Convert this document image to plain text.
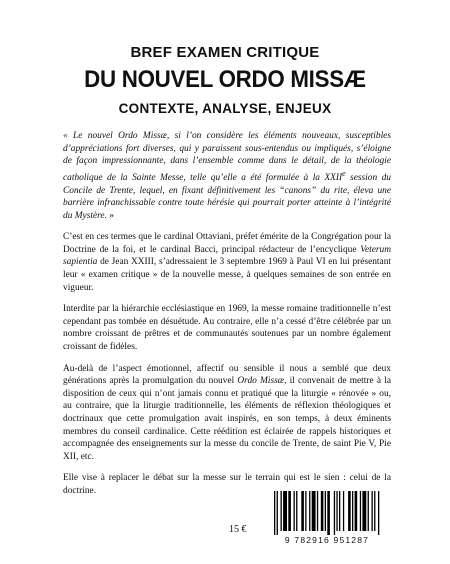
BREF EXAMEN CRITIQUE

DU NOUVEL ORDO MISSÆ

CONTEXTE, ANALYSE, ENJEUX

« Le nouvel Ordo Missæ, si l’on considère les éléments nouveaux, susceptibles d’appréciations fort diverses, qui y paraissent sous-entendus ou impliqués, s’éloigne de façon impressionnante, dans l’ensemble comme dans le détail, de la théologie catholique de la Sainte Messe, telle qu’elle a été formulée à la XXIIe session du Concile de Trente, lequel, en fixant définitivement les “canons” du rite, éleva une barrière infranchissable contre toute hérésie qui pourrait porter atteinte à l’intégrité du Mystère. »

C’est en ces termes que le cardinal Ottaviani, préfet émérite de la Congrégation pour la Doctrine de la foi, et le cardinal Bacci, principal rédacteur de l’encyclique Veterum sapientia de Jean XXIII, s’adressaient le 3 septembre 1969 à Paul VI en lui présentant leur « examen critique » de la nouvelle messe, à quelques semaines de son entrée en vigueur.

Interdite par la hiérarchie ecclésiastique en 1969, la messe romaine traditionnelle n’est cependant pas tombée en désuétude. Au contraire, elle n’a cessé d’être célébrée par un nombre croissant de prêtres et de communautés soutenues par un nombre également croissant de fidèles.

Au-delà de l’aspect émotionnel, affectif ou sensible il nous a semblé que deux générations après la promulgation du nouvel Ordo Missæ, il convenait de mettre à la disposition de ceux qui n’ont jamais connu et pratiqué que la liturgie « rénovée » ou, au contraire, que la liturgie traditionnelle, les éléments de réflexion théologiques et doctrinaux que cette promulgation avait inspirés, en son temps, à deux éminents membres du conseil cardinalice. Cette réédition est éclairée de rappels historiques et accompagnée des enseignements sur la messe du concile de Trente, de saint Pie V, Pie XII, etc.

Elle vise à replacer le débat sur la messe sur le terrain qui est le sien : celui de la doctrine.

15 €
9 782916 951287
